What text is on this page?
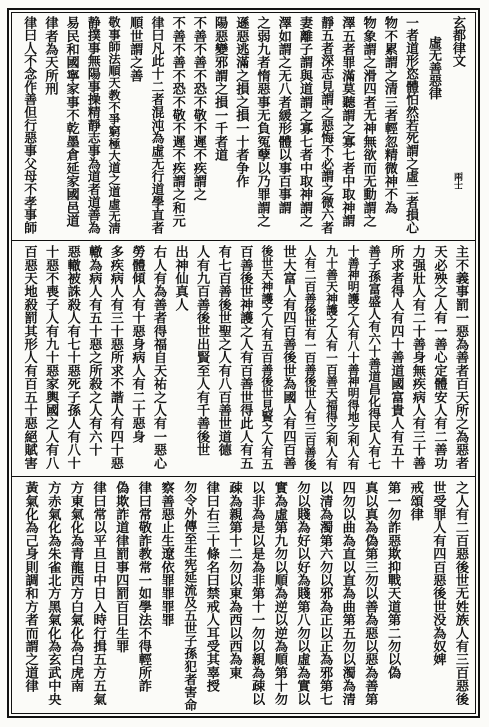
玄都律文
虛无善惡律
兩士
一者道形恣體怕然若死謂之虛二者損心
物不累謂之清三者輕忽精微神不為
物象謂之滑四者无神無欲而无動謂之
澤五者罪滿莫聽謂之寡七者中取神謂
靜五者深志見謂之惡悔不必謂之微六者
妻離子謂與道謂之寡七者中取神謂之
澤如謂之无八者緩形體以事百事謂
之弱九者惰惡事无負冤孽以乃罪謂之
遜惡逃滿之損之損一十者争作
陽惡變邪謂之損一千者道
不善不善不恐不敬不遲不疾謂之
不善不善不恐不敬不遲不疾謂之和元
律曰凡此十二者混沌為虛无行道學直者
順世謂之善
敬事師法順天教不爭窮極大道之道虛无淸
静撲事無陽事操精靜志事為道者道善為
易民和國寧家事不乾墨倉延家國邑道
律者為天所刑
律曰人不念作善但行惡事父母不孝事師
主不義事罰一惡為善者百天所之為惡者
天必殃之人有一善心定體安人有二善功
力强壯人有二十善身無疾病人有三十善
所求者得人有四十善道國富貴人有五十
善子孫富盛人有六十善道昌化得民人有七
十善神明護之人有八十善神明得地之利人有
九十善天神護之人有一百善天福得之利人有
人有二百善後世有一百善後世人有三百善後
世大富人有四百善後世為國人有四百善
後世天神護之人有五百善後世見賢之人有五
百善後世神護之人有百善世得此人有五
有七百善後世聖之人有八百善世道德
人有九百善後世出賢至人有千善後世
出神仙真人
右人有為善者得福自天祐之人有一惡心
勞體傾人有十惡身病人有二十惡身
多疾病人有三十惡所求不諧人有四十惡
轍為病人有五十惡之所殺之人有六十
惡轍被誅殺人有七十惡死子孫人有八十
十惡不喪子人有九十惡家輿國之人有八
百惡天地殺罰其形人有百五十惡絕賦害
之人有二百惡後世无姓族人有三百惡後
世受罪人有四百惡後世没為奴婢
戒頌律
第一勿詐惡欺抑戰天道第二勿以偽
真以真為偽第三勿以善為惡以惡為善第
四勿以曲為直以直為曲第五勿以濁為清
以清為濁第六勿以邪為正以正為邪第七
勿以賤為好以好為賤第八勿以虛為實以
實為虛第九勿以順為逆以逆為順第十勿
以非為是以是為非第十一勿以親為疎以
疎為親第十二勿以東為西以西為東
律曰右三十條名曰禁戒人耳受其辜授
勿令外傳至生宪延流及五世子孫犯者害命
察善惡止生遼依罪罪罪罪
律曰常敬詐教常一如學法不得輕所詐
偽欺詐道律罰事四罰百日生罪
律曰常以平旦日中日入時行揖五方五氣
方東氣化為青龍西方白氣化為白虎南
方赤氣化為朱雀北方黑氣化為玄武中央
黃氣化為己身則調和方者而謂之道律
